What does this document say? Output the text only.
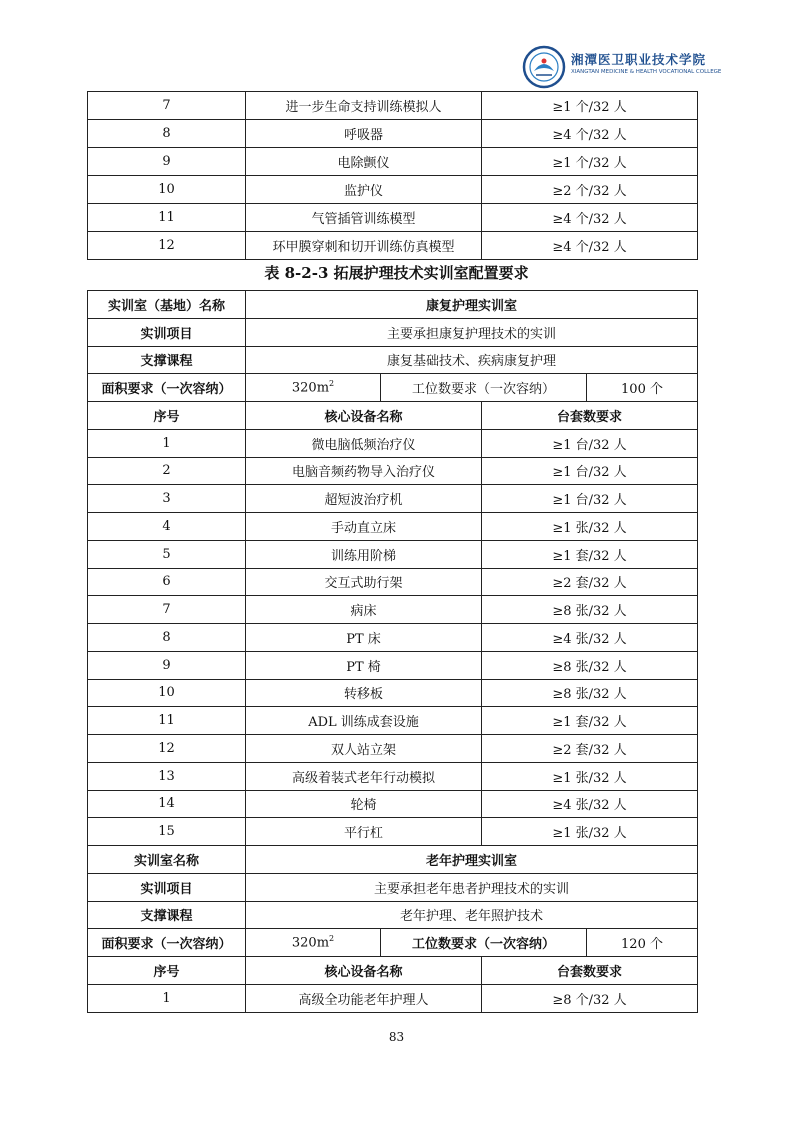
湘潭医卫职业技术学院
XIANGTAN MEDICINE & HEALTH VOCATIONAL COLLEGE
7	进一步生命支持训练模拟人	≥1 个/32 人
8	呼吸器	≥4 个/32 人
9	电除颤仪	≥1 个/32 人
10	监护仪	≥2 个/32 人
11	气管插管训练模型	≥4 个/32 人
12	环甲膜穿刺和切开训练仿真模型	≥4 个/32 人
表 8-2-3 拓展护理技术实训室配置要求
实训室（基地）名称	康复护理实训室			
实训项目	主要承担康复护理技术的实训			
支撑课程	康复基础技术、疾病康复护理			
面积要求（一次容纳）	$320m^2$	工位数要求（一次容纳）		100 个
序号	核心设备名称		台套数要求	
1	微电脑低频治疗仪		≥1 台/32 人	
2	电脑音频药物导入治疗仪		≥1 台/32 人	
3	超短波治疗机		≥1 台/32 人	
4	手动直立床		≥1 张/32 人	
5	训练用阶梯		≥1 套/32 人	
6	交互式助行架		≥2 套/32 人	
7	病床		≥8 张/32 人	
8	PT 床		≥4 张/32 人	
9	PT 椅		≥8 张/32 人	
10	转移板		≥8 张/32 人	
11	ADL 训练成套设施		≥1 套/32 人	
12	双人站立架		≥2 套/32 人	
13	高级着装式老年行动模拟		≥1 张/32 人	
14	轮椅		≥4 张/32 人	
15	平行杠		≥1 张/32 人	
实训室名称	老年护理实训室			
实训项目	主要承担老年患者护理技术的实训			
支撑课程	老年护理、老年照护技术			
面积要求（一次容纳）	$320m^2$	工位数要求（一次容纳）		120 个
序号	核心设备名称		台套数要求	
1	高级全功能老年护理人		≥8 个/32 人	
83
